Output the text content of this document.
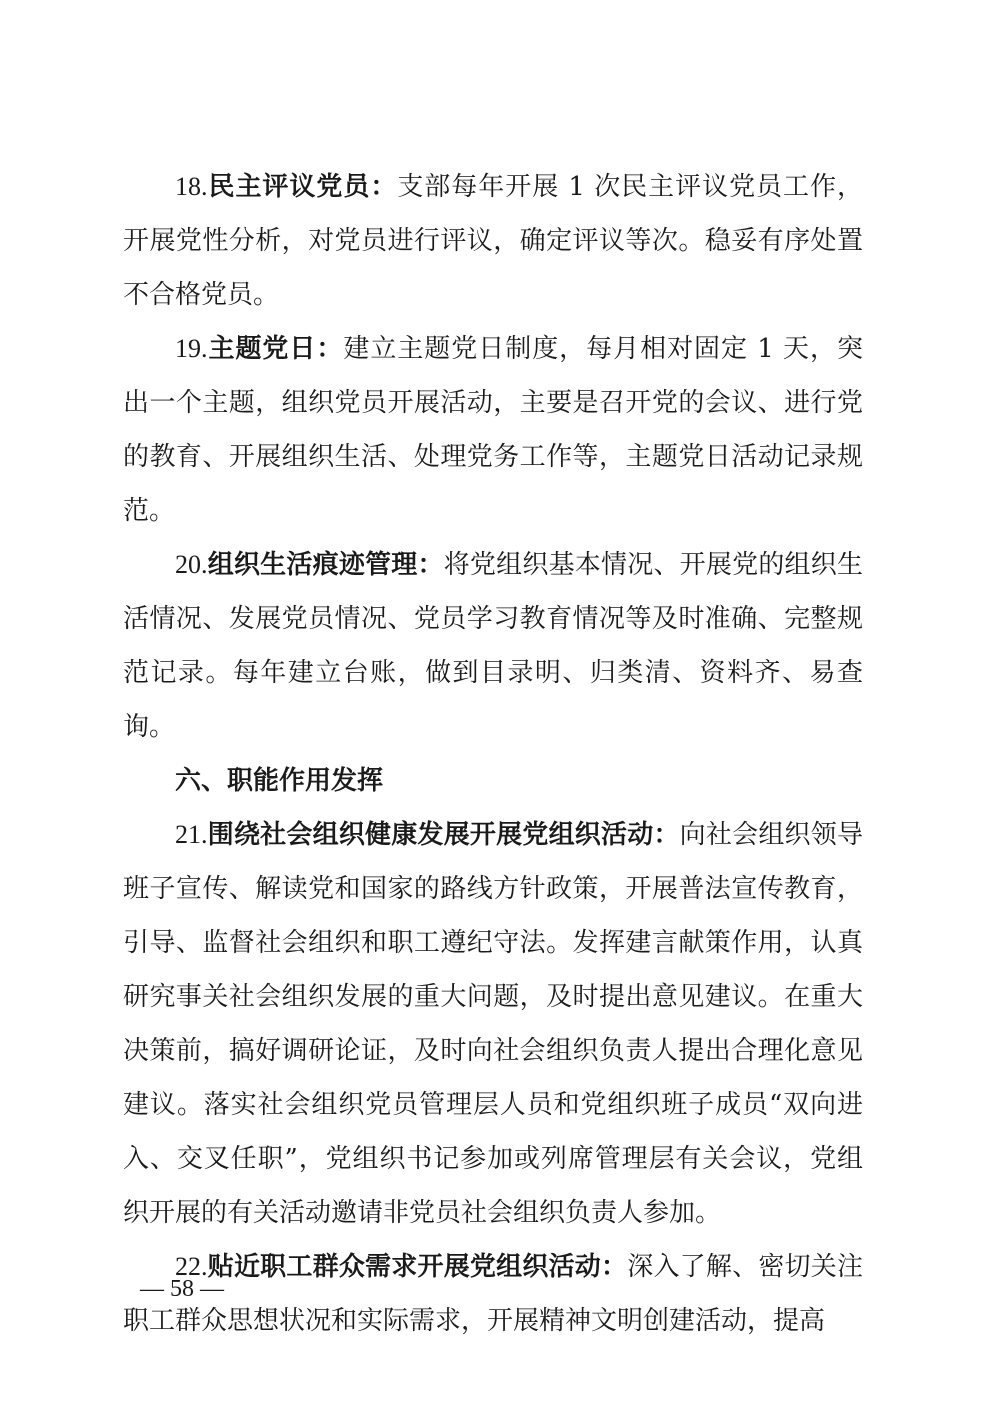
18.民主评议党员：支部每年开展 1 次民主评议党员工作，开展党性分析，对党员进行评议，确定评议等次。稳妥有序处置不合格党员。

19.主题党日：建立主题党日制度，每月相对固定 1 天，突出一个主题，组织党员开展活动，主要是召开党的会议、进行党的教育、开展组织生活、处理党务工作等，主题党日活动记录规范。

20.组织生活痕迹管理：将党组织基本情况、开展党的组织生活情况、发展党员情况、党员学习教育情况等及时准确、完整规范记录。每年建立台账，做到目录明、归类清、资料齐、易查询。

六、职能作用发挥

21.围绕社会组织健康发展开展党组织活动：向社会组织领导班子宣传、解读党和国家的路线方针政策，开展普法宣传教育，引导、监督社会组织和职工遵纪守法。发挥建言献策作用，认真研究事关社会组织发展的重大问题，及时提出意见建议。在重大决策前，搞好调研论证，及时向社会组织负责人提出合理化意见建议。落实社会组织党员管理层人员和党组织班子成员“双向进入、交叉任职”，党组织书记参加或列席管理层有关会议，党组织开展的有关活动邀请非党员社会组织负责人参加。

22.贴近职工群众需求开展党组织活动：深入了解、密切关注职工群众思想状况和实际需求，开展精神文明创建活动，提高

— 58 —
